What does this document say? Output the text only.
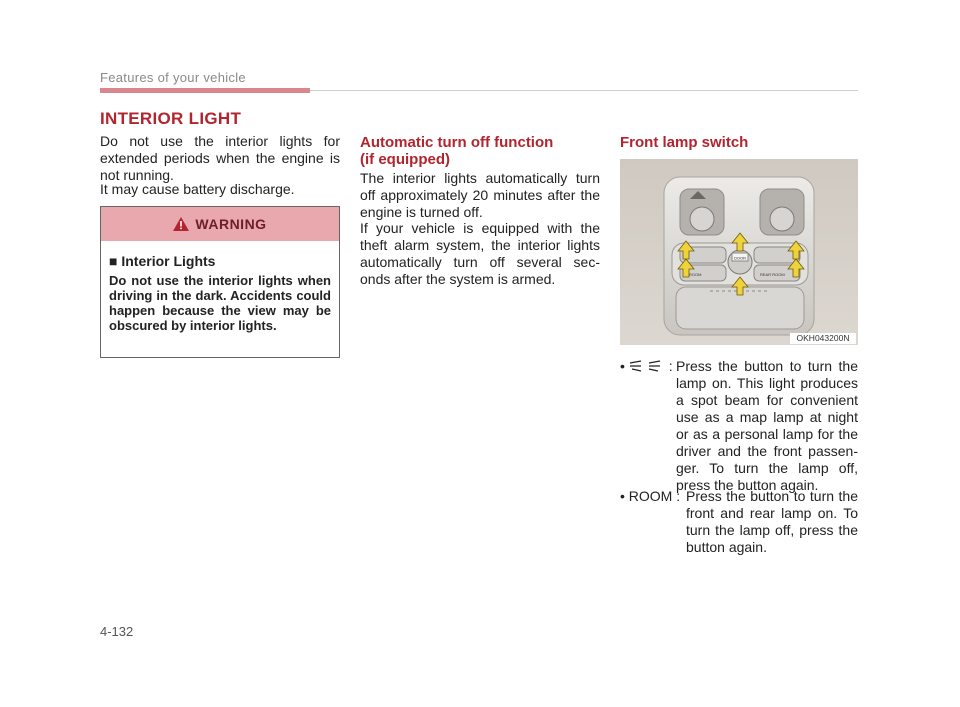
Features of your vehicle
INTERIOR LIGHT

Do not use the interior lights for extended periods when the engine is not running.

It may cause battery discharge.

WARNING
■ Interior Lights

Do not use the interior lights when driving in the dark. Accidents could happen because the view may be obscured by interior lights.

Automatic turn off function
(if equipped)

The interior lights automatically turn off approximately 20 minutes after the engine is turned off.

If your vehicle is equipped with the theft alarm system, the interior lights automatically turn off several sec- onds after the system is armed.

Front lamp switch
DOOR
ROOM	REAR ROOM
OKH043200N
•	: Press the button to turn the lamp on. This light produces a spot beam for convenient use as a map lamp at night or as a personal lamp for the driver and the front passen- ger. To turn the lamp off, press the button again.

• ROOM : Press the button to turn the front and rear lamp on. To turn the lamp off, press the button again.

4-132
